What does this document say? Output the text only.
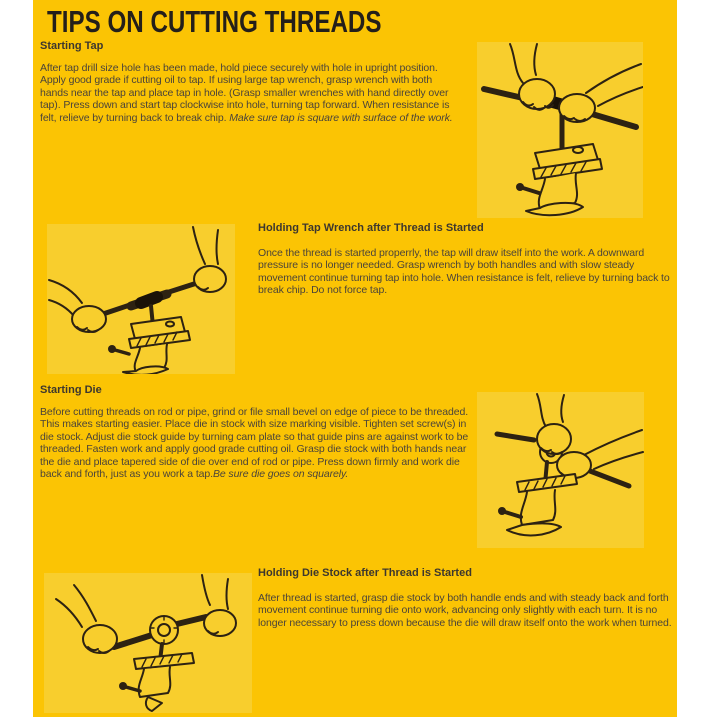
TIPS ON CUTTING THREADS
Starting Tap
After tap drill size hole has been made, hold piece securely with hole in upright position. Apply good grade if cutting oil to tap. If using large tap wrench, grasp wrench with both hands near the tap and place tap in hole. (Grasp smaller wrenches with hand directly over tap). Press down and start tap clockwise into hole, turning tap forward. When resistance is felt, relieve by turning back to break chip. Make sure tap is square with surface of the work.
Holding Tap Wrench after Thread is Started
Once the thread is started properrly, the tap will draw itself into the work. A downward pressure is no longer needed. Grasp wrench by both handles and with slow steady movement continue turning tap into hole. When resistance is felt, relieve by turning back to break chip. Do not force tap.
Starting Die
Before cutting threads on rod or pipe, grind or file small bevel on edge of piece to be threaded. This makes starting easier. Place die in stock with size marking visible. Tighten set screw(s) in die stock. Adjust die stock guide by turning cam plate so that guide pins are against work to be threaded. Fasten work and apply good grade cutting oil. Grasp die stock with both hands near the die and place tapered side of die over end of rod or pipe. Press down firmly and work die back and forth, just as you work a tap.Be sure die goes on squarely.
Holding Die Stock after Thread is Started
After thread is started, grasp die stock by both handle ends and with steady back and forth movement continue turning die onto work, advancing only slightly with each turn. It is no longer necessary to press down because the die will draw itself onto the work when turned.
